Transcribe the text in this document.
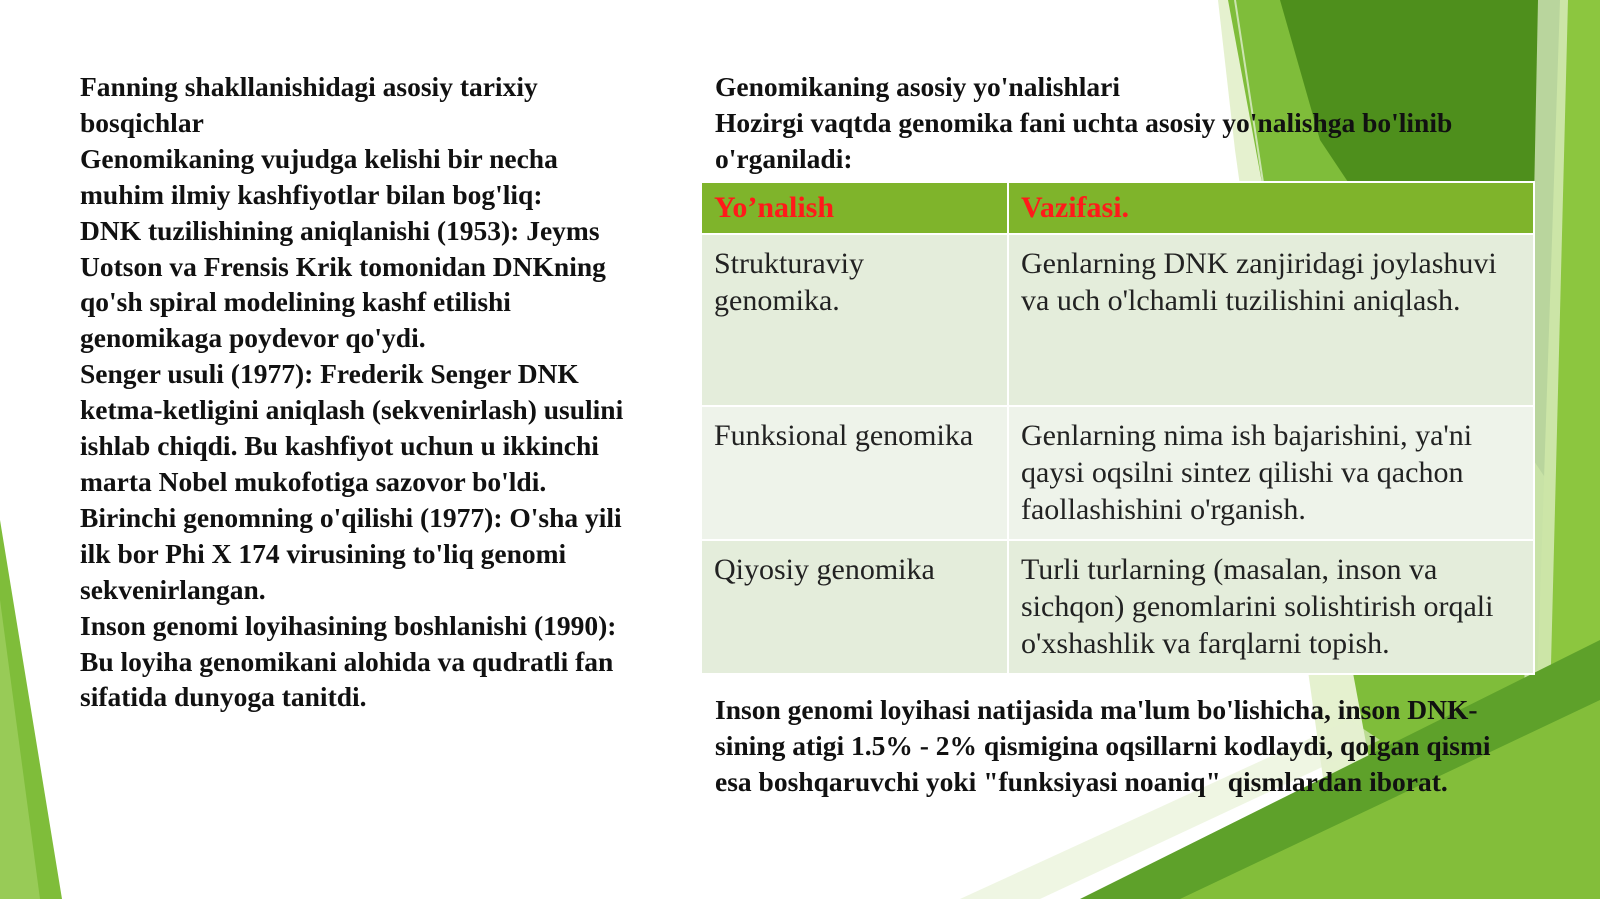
Fanning shakllanishidagi asosiy tarixiy bosqichlar

Genomikaning vujudga kelishi bir necha muhim ilmiy kashfiyotlar bilan bog'liq:

DNK tuzilishining aniqlanishi (1953): Jeyms Uotson va Frensis Krik tomonidan DNKning qo'sh spiral modelining kashf etilishi genomikaga poydevor qo'ydi.

Senger usuli (1977): Frederik Senger DNK ketma-ketligini aniqlash (sekvenirlash) usulini ishlab chiqdi. Bu kashfiyot uchun u ikkinchi marta Nobel mukofotiga sazovor bo'ldi.

Birinchi genomning o'qilishi (1977): O'sha yili ilk bor Phi X 174 virusining to'liq genomi sekvenirlangan.

Inson genomi loyihasining boshlanishi (1990): Bu loyiha genomikani alohida va qudratli fan sifatida dunyoga tanitdi.

Genomikaning asosiy yo'nalishlari

Hozirgi vaqtda genomika fani uchta asosiy yo'nalishga bo'linib o'rganiladi:

Yo’nalish	Vazifasi.
Strukturaviy genomika.	Genlarning DNK zanjiridagi joylashuvi va uch o'lchamli tuzilishini aniqlash.
Funksional genomika	Genlarning nima ish bajarishini, ya'ni qaysi oqsilni sintez qilishi va qachon faollashishini o'rganish.
Qiyosiy genomika	Turli turlarning (masalan, inson va sichqon) genomlarini solishtirish orqali o'xshashlik va farqlarni topish.

Inson genomi loyihasi natijasida ma'lum bo'lishicha, inson DNK-sining atigi 1.5% - 2% qismigina oqsillarni kodlaydi, qolgan qismi esa boshqaruvchi yoki "funksiyasi noaniq" qismlardan iborat.
